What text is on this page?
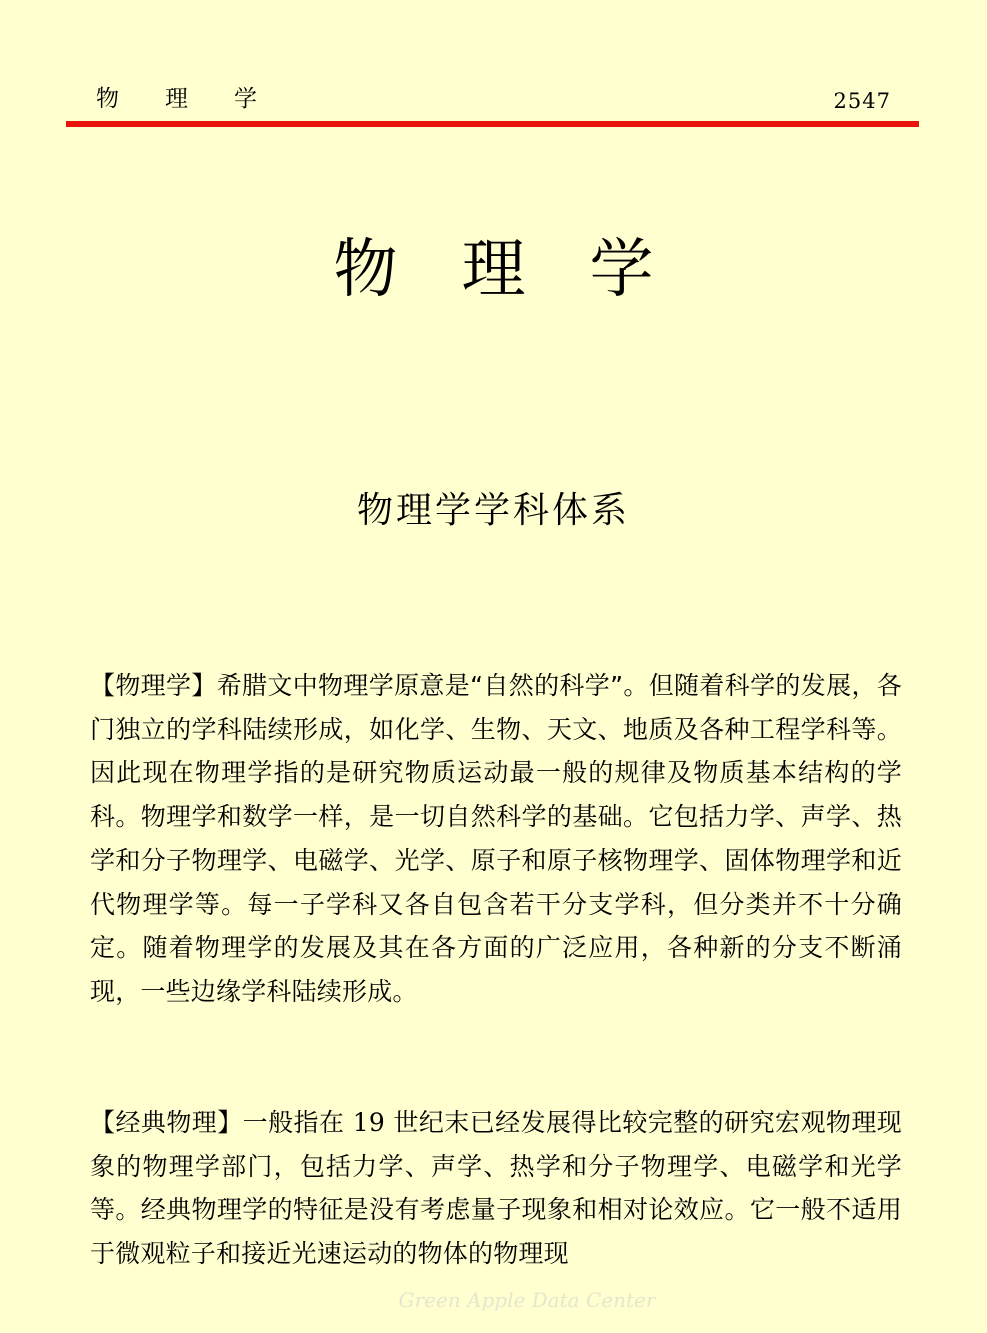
物理学	2547
物理学
物理学学科体系

【物理学】希腊文中物理学原意是“自然的科学”。但随着科学的发展，各门独立的学科陆续形成，如化学、生物、天文、地质及各种工程学科等。因此现在物理学指的是研究物质运动最一般的规律及物质基本结构的学科。物理学和数学一样，是一切自然科学的基础。它包括力学、声学、热学和分子物理学、电磁学、光学、原子和原子核物理学、固体物理学和近代物理学等。每一子学科又各自包含若干分支学科，但分类并不十分确定。随着物理学的发展及其在各方面的广泛应用，各种新的分支不断涌现，一些边缘学科陆续形成。

【经典物理】一般指在 19 世纪末已经发展得比较完整的研究宏观物理现象的物理学部门，包括力学、声学、热学和分子物理学、电磁学和光学等。经典物理学的特征是没有考虑量子现象和相对论效应。它一般不适用于微观粒子和接近光速运动的物体的物理现

Green Apple Data Center
